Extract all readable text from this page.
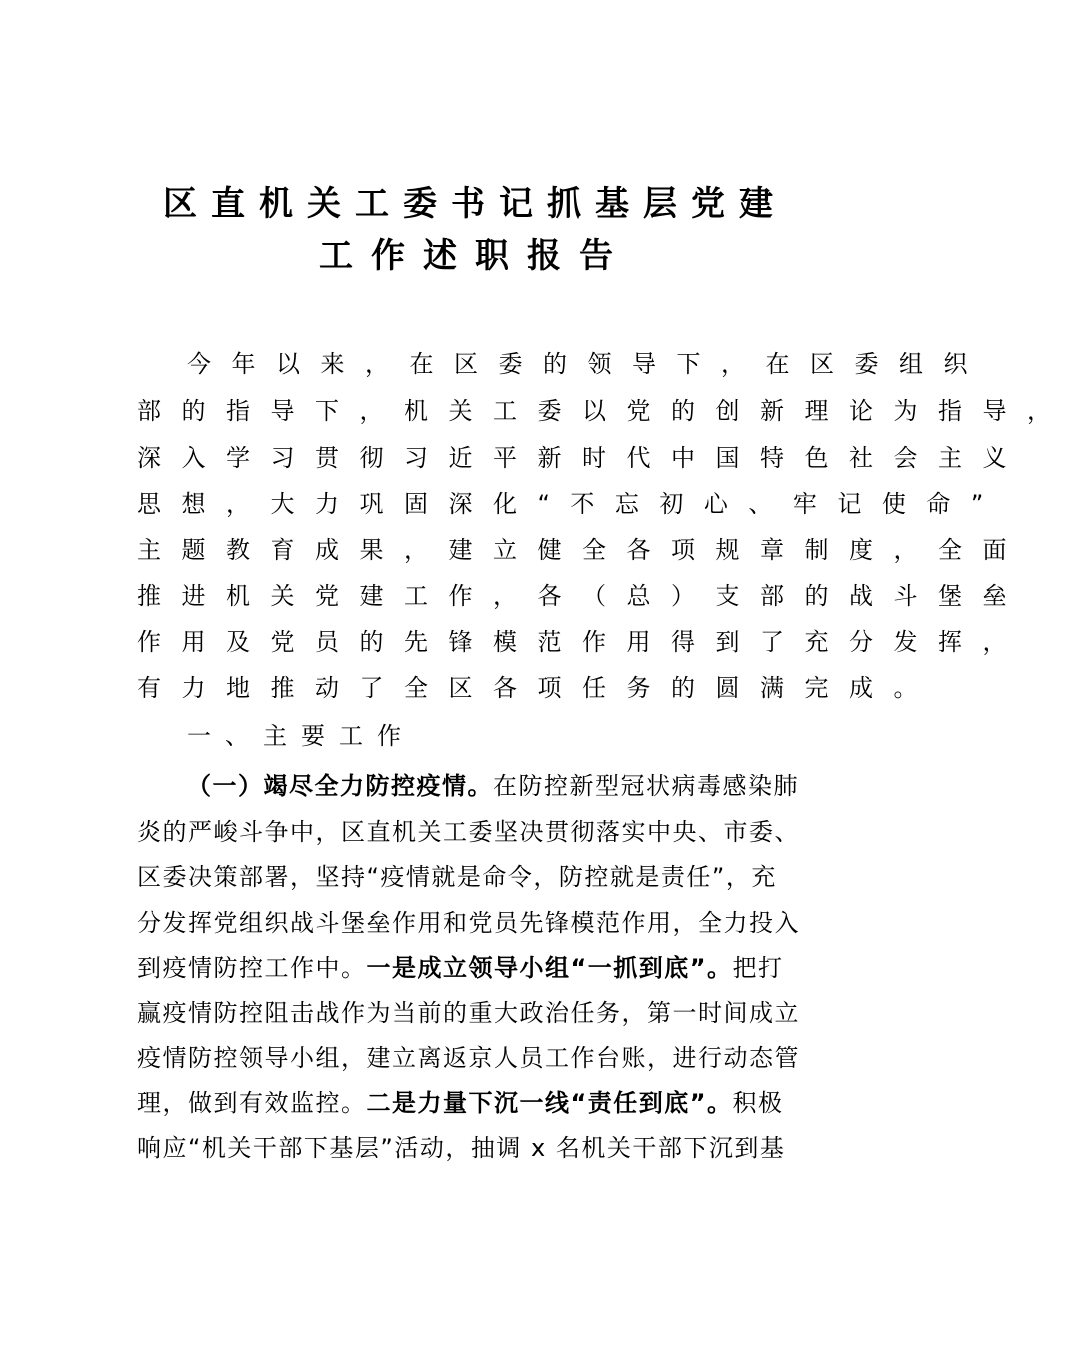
区直机关工委书记抓基层党建
工作述职报告
今年以来，在区委的领导下，在区委组织
部的指导下，机关工委以党的创新理论为指导，
深入学习贯彻习近平新时代中国特色社会主义
思想，大力巩固深化“不忘初心、牢记使命”
主题教育成果，建立健全各项规章制度，全面
推进机关党建工作，各（总）支部的战斗堡垒
作用及党员的先锋模范作用得到了充分发挥，
有力地推动了全区各项任务的圆满完成。
一、主要工作
（一）竭尽全力防控疫情。在防控新型冠状病毒感染肺
炎的严峻斗争中，区直机关工委坚决贯彻落实中央、市委、
区委决策部署，坚持“疫情就是命令，防控就是责任”，充
分发挥党组织战斗堡垒作用和党员先锋模范作用，全力投入
到疫情防控工作中。一是成立领导小组“一抓到底”。把打
赢疫情防控阻击战作为当前的重大政治任务，第一时间成立
疫情防控领导小组，建立离返京人员工作台账，进行动态管
理，做到有效监控。二是力量下沉一线“责任到底”。积极
响应“机关干部下基层”活动，抽调 x 名机关干部下沉到基
